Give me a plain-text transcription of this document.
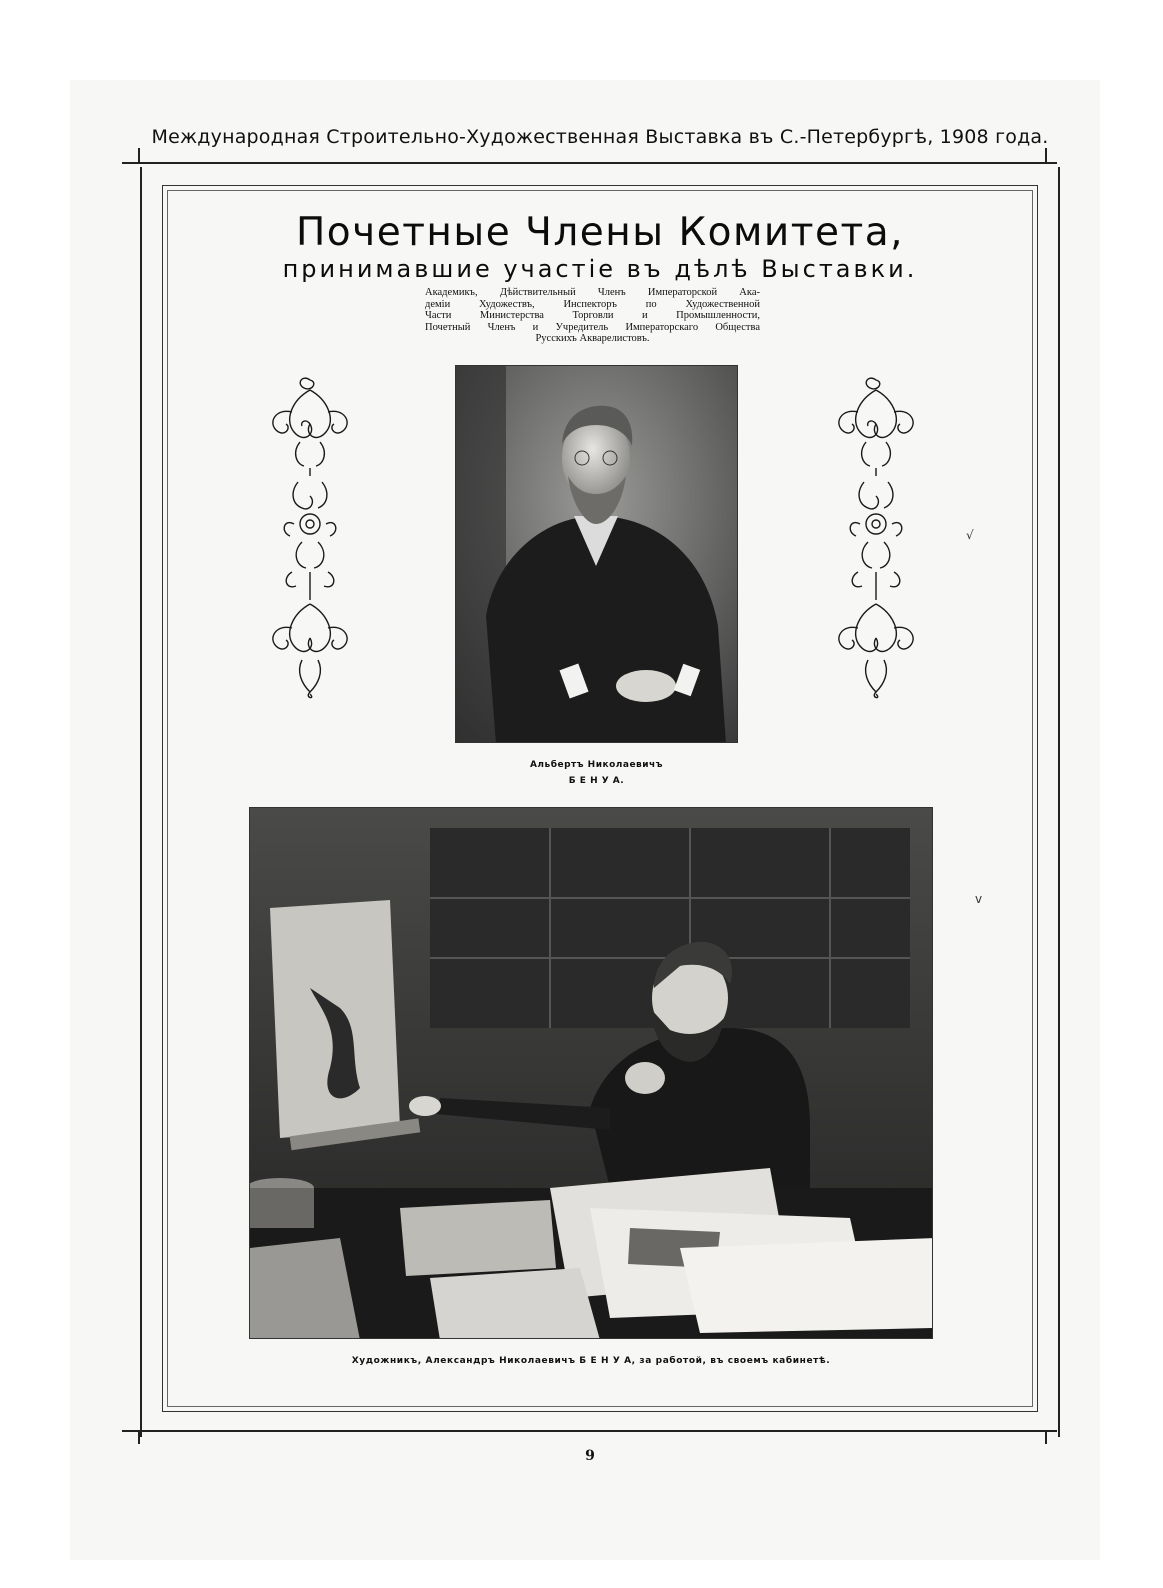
Международная Строительно-Художественная Выставка въ С.-Петербургѣ, 1908 года.
Почетные Члены Комитета,
принимавшие участіе въ дѣлѣ Выставки.
Академикъ, Дѣйствительный Членъ Императорской Ака-
деміи Художествъ, Инспекторъ по Художественной
Части Министерства Торговли и Промышленности,
Почетный Членъ и Учредитель Императорскаго Общества
Русскихъ Акварелистовъ.
Альбертъ Николаевичъ
Б Е Н У А.
Художникъ, Александръ Николаевичъ Б Е Н У А, за работой, въ своемъ кабинетѣ.
√
v
9
